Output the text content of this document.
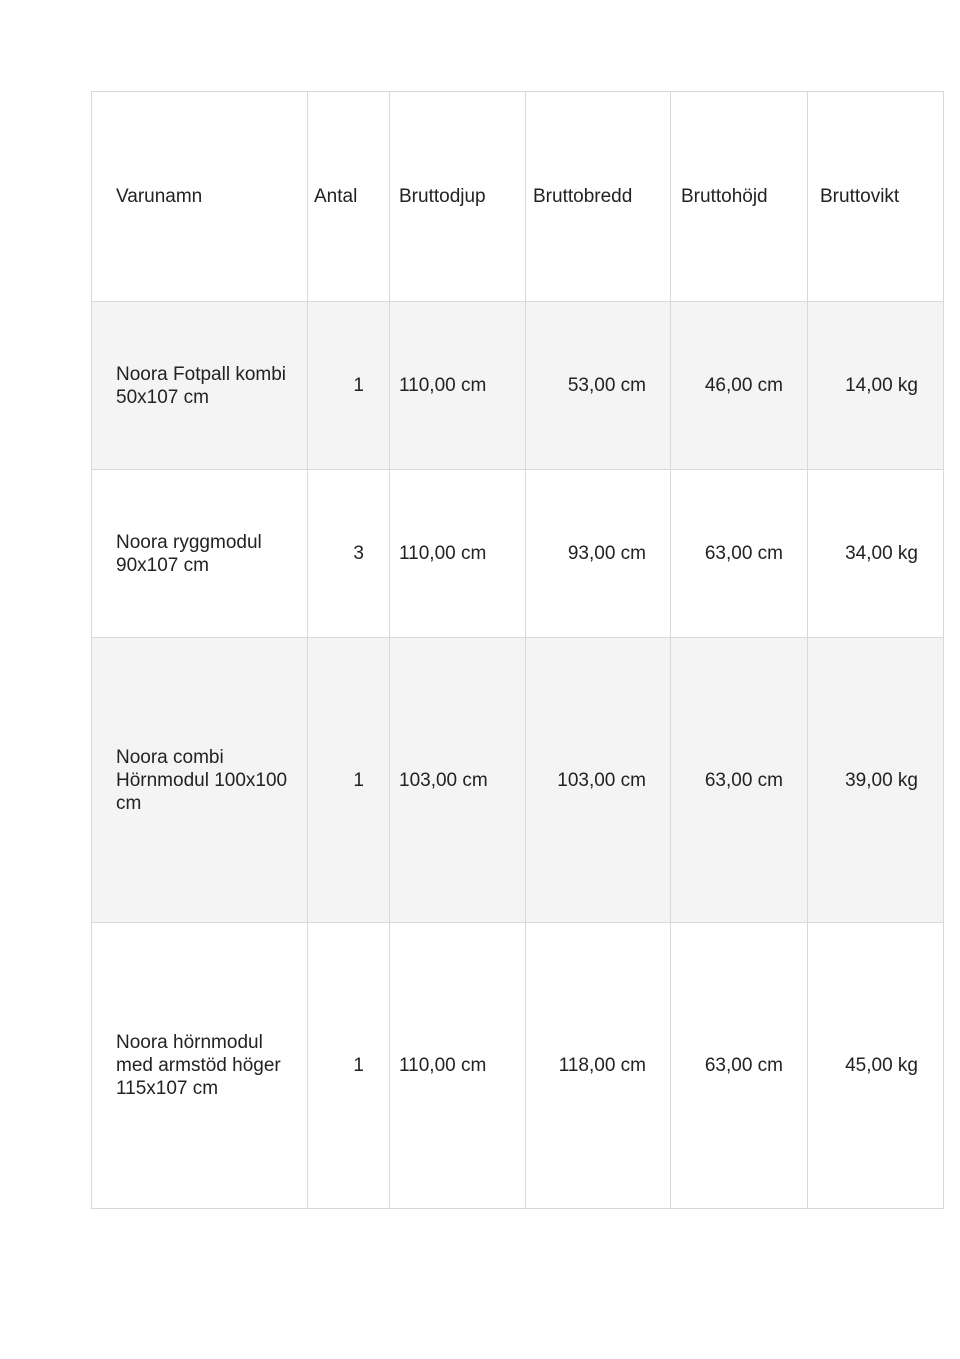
Varunamn	Antal	Bruttodjup	Bruttobredd	Bruttohöjd	Bruttovikt

Noora Fotpall kombi 50x107 cm	1	110,00 cm	53,00 cm	46,00 cm	14,00 kg

Noora ryggmodul 90x107 cm	3	110,00 cm	93,00 cm	63,00 cm	34,00 kg

Noora combi Hörnmodul 100x100 cm	1	103,00 cm	103,00 cm	63,00 cm	39,00 kg

Noora hörnmodul med armstöd höger 115x107 cm	1	110,00 cm	118,00 cm	63,00 cm	45,00 kg
